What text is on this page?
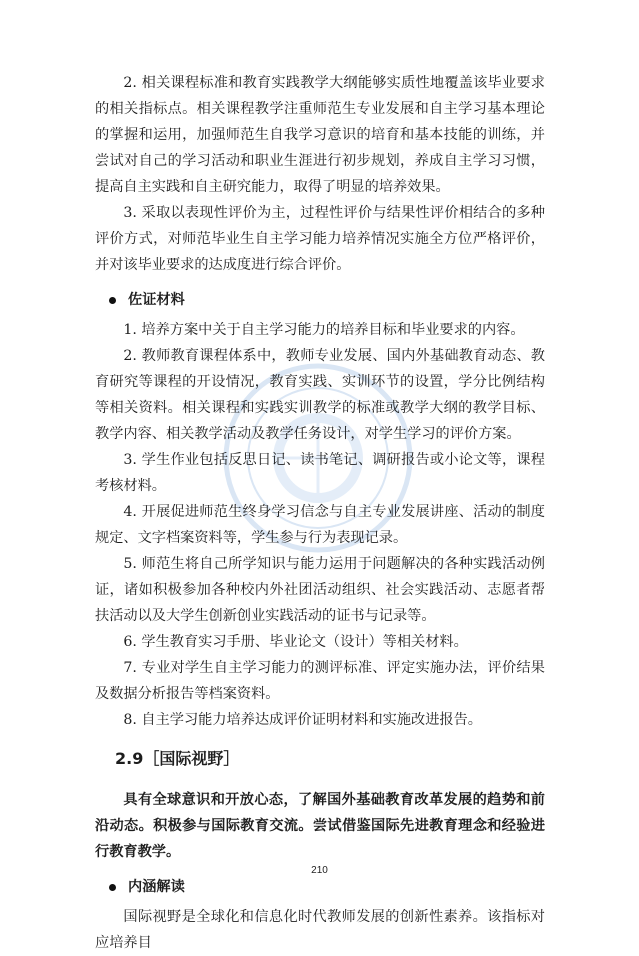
2. 相关课程标准和教育实践教学大纲能够实质性地覆盖该毕业要求的相关指标点。相关课程教学注重师范生专业发展和自主学习基本理论的掌握和运用，加强师范生自我学习意识的培育和基本技能的训练，并尝试对自己的学习活动和职业生涯进行初步规划，养成自主学习习惯，提高自主实践和自主研究能力，取得了明显的培养效果。

3. 采取以表现性评价为主，过程性评价与结果性评价相结合的多种评价方式，对师范毕业生自主学习能力培养情况实施全方位严格评价，并对该毕业要求的达成度进行综合评价。

佐证材料

1. 培养方案中关于自主学习能力的培养目标和毕业要求的内容。

2. 教师教育课程体系中，教师专业发展、国内外基础教育动态、教育研究等课程的开设情况，教育实践、实训环节的设置，学分比例结构等相关资料。相关课程和实践实训教学的标准或教学大纲的教学目标、教学内容、相关教学活动及教学任务设计，对学生学习的评价方案。

3. 学生作业包括反思日记、读书笔记、调研报告或小论文等，课程考核材料。

4. 开展促进师范生终身学习信念与自主专业发展讲座、活动的制度规定、文字档案资料等，学生参与行为表现记录。

5. 师范生将自己所学知识与能力运用于问题解决的各种实践活动例证，诸如积极参加各种校内外社团活动组织、社会实践活动、志愿者帮扶活动以及大学生创新创业实践活动的证书与记录等。

6. 学生教育实习手册、毕业论文（设计）等相关材料。

7. 专业对学生自主学习能力的测评标准、评定实施办法，评价结果及数据分析报告等档案资料。

8. 自主学习能力培养达成评价证明材料和实施改进报告。

2.9［国际视野］

具有全球意识和开放心态，了解国外基础教育改革发展的趋势和前沿动态。积极参与国际教育交流。尝试借鉴国际先进教育理念和经验进行教育教学。

内涵解读

国际视野是全球化和信息化时代教师发展的创新性素养。该指标对应培养目

210
